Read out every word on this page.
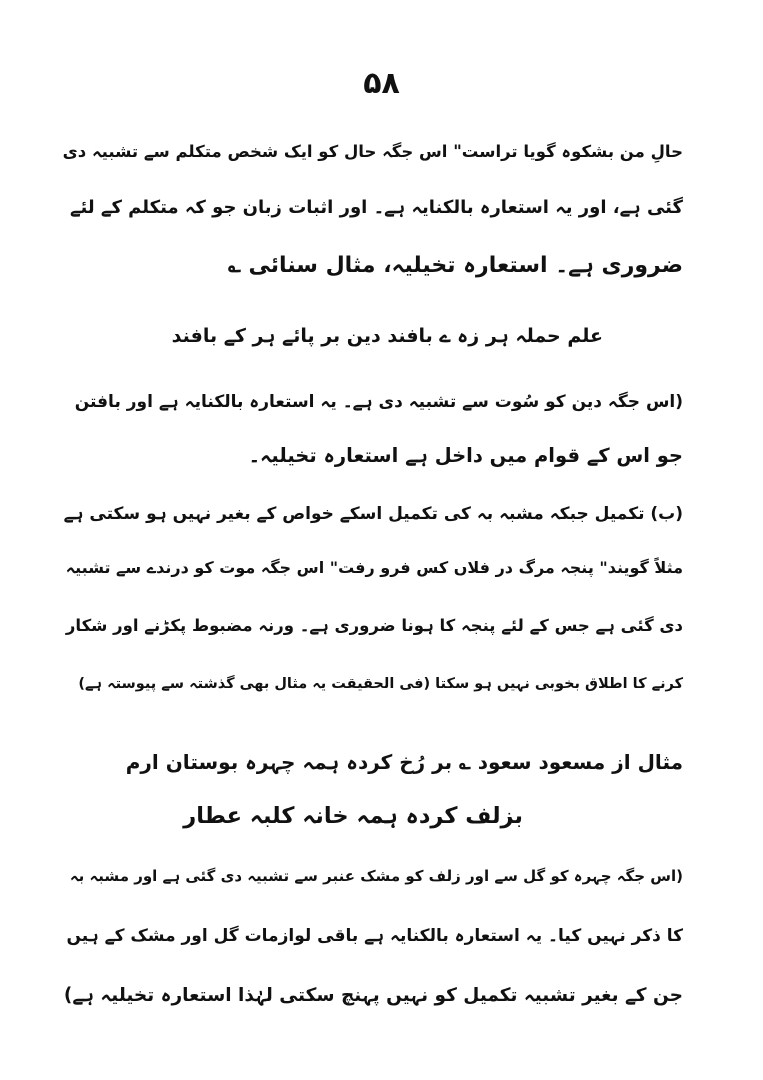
۵۸
حالِ من بشکوہ گویا تراست" اس جگہ حال کو ایک شخص متکلم سے تشبیہ دی
گئی ہے، اور یہ استعارہ بالکنایہ ہے۔ اور اثبات زبان جو کہ متکلم کے لئے
ضروری ہے۔ استعارہ تخیلیہ، مثال سنائی ؎
علم حملہ ہر زہ ے بافند دین بر پائے ہر کے بافند
(اس جگہ دین کو سُوت سے تشبیہ دی ہے۔ یہ استعارہ بالکنایہ ہے اور بافتن
جو اس کے قوام میں داخل ہے استعارہ تخیلیہ۔
(ب) تکمیل جبکہ مشبہ بہ کی تکمیل اسکے خواص کے بغیر نہیں ہو سکتی ہے
مثلاً گویند" پنجہ مرگ در فلاں کس فرو رفت" اس جگہ موت کو درندے سے تشبیہ
دی گئی ہے جس کے لئے پنجہ کا ہونا ضروری ہے۔ ورنہ مضبوط پکڑنے اور شکار
کرنے کا اطلاق بخوبی نہیں ہو سکتا (فی الحقیقت یہ مثال بھی گذشتہ سے پیوستہ ہے)
مثال از مسعود سعود ؎ بر رُخ کردہ ہمہ چہرہ بوستان ارم
بزلف کردہ ہمہ خانہ کلبہ عطار
(اس جگہ چہرہ کو گل سے اور زلف کو مشک عنبر سے تشبیہ دی گئی ہے اور مشبہ بہ
کا ذکر نہیں کیا۔ یہ استعارہ بالکنایہ ہے باقی لوازمات گل اور مشک کے ہیں
جن کے بغیر تشبیہ تکمیل کو نہیں پہنچ سکتی لہٰذا استعارہ تخیلیہ ہے)
